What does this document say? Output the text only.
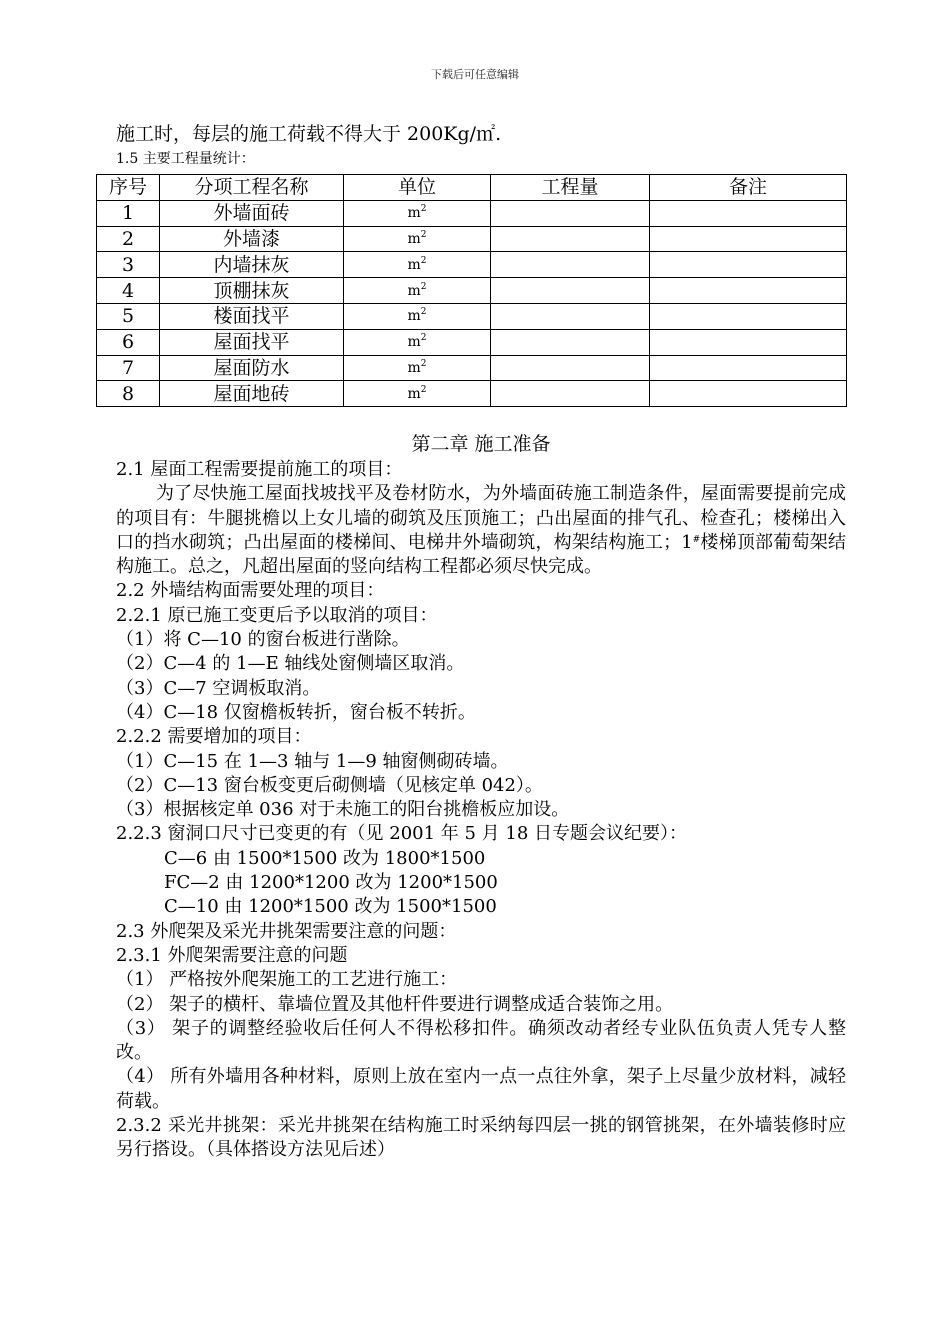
下载后可任意编辑
施工时，每层的施工荷载不得大于 200Kg/㎡.
1.5 主要工程量统计：
序号	分项工程名称	单位	工程量	备注
1	外墙面砖	$m^2$		
2	外墙漆	$m^2$		
3	内墙抹灰	$m^2$		
4	顶棚抹灰	$m^2$		
5	楼面找平	$m^2$		
6	屋面找平	$m^2$		
7	屋面防水	$m^2$		
8	屋面地砖	$m^2$		
第二章 施工准备
2.1 屋面工程需要提前施工的项目：
为了尽快施工屋面找坡找平及卷材防水，为外墙面砖施工制造条件，屋面需要提前完成的项目有：牛腿挑檐以上女儿墙的砌筑及压顶施工；凸出屋面的排气孔、检查孔；楼梯出入口的挡水砌筑；凸出屋面的楼梯间、电梯井外墙砌筑，构架结构施工；1#楼梯顶部葡萄架结构施工。总之，凡超出屋面的竖向结构工程都必须尽快完成。
2.2 外墙结构面需要处理的项目：
2.2.1 原已施工变更后予以取消的项目：
（1）将 C—10 的窗台板进行凿除。
（2）C—4 的 1—E 轴线处窗侧墙区取消。
（3）C—7 空调板取消。
（4）C—18 仅窗檐板转折，窗台板不转折。
2.2.2 需要增加的项目：
（1）C—15 在 1—3 轴与 1—9 轴窗侧砌砖墙。
（2）C—13 窗台板变更后砌侧墙（见核定单 042）。
（3）根据核定单 036 对于未施工的阳台挑檐板应加设。
2.2.3 窗洞口尺寸已变更的有（见 2001 年 5 月 18 日专题会议纪要）：
C—6 由 1500*1500 改为 1800*1500
FC—2 由 1200*1200 改为 1200*1500
C—10 由 1200*1500 改为 1500*1500
2.3 外爬架及采光井挑架需要注意的问题：
2.3.1 外爬架需要注意的问题
（1） 严格按外爬架施工的工艺进行施工：
（2） 架子的横杆、靠墙位置及其他杆件要进行调整成适合装饰之用。
（3） 架子的调整经验收后任何人不得松移扣件。确须改动者经专业队伍负责人凭专人整改。
（4） 所有外墙用各种材料，原则上放在室内一点一点往外拿，架子上尽量少放材料，减轻荷载。
2.3.2 采光井挑架：采光井挑架在结构施工时采纳每四层一挑的钢管挑架，在外墙装修时应另行搭设。（具体搭设方法见后述）
